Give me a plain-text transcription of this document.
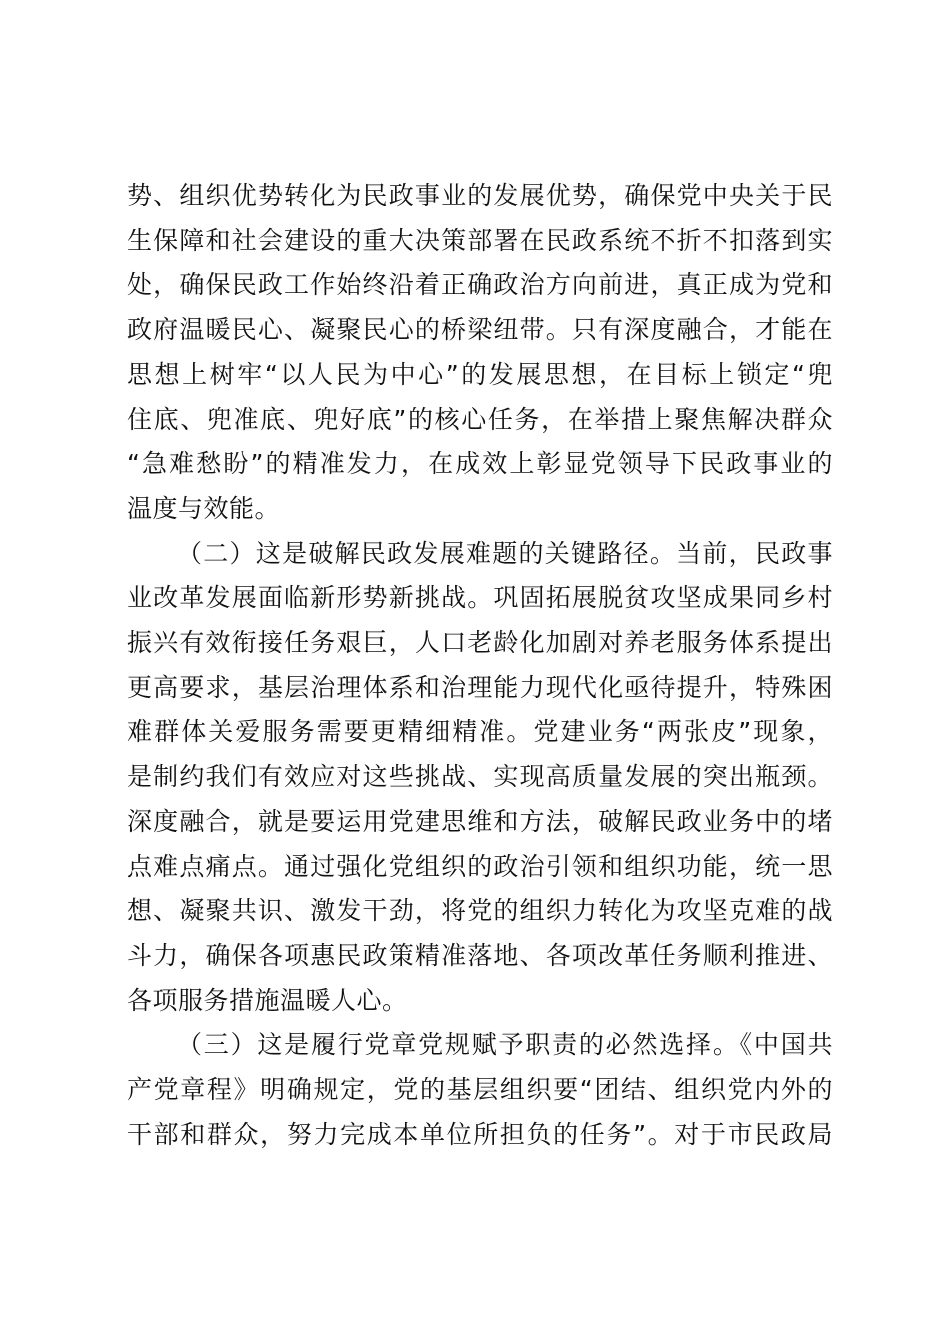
势、组织优势转化为民政事业的发展优势，确保党中央关于民
生保障和社会建设的重大决策部署在民政系统不折不扣落到实
处，确保民政工作始终沿着正确政治方向前进，真正成为党和
政府温暖民心、凝聚民心的桥梁纽带。只有深度融合，才能在
思想上树牢“以人民为中心”的发展思想，在目标上锁定“兜
住底、兜准底、兜好底”的核心任务，在举措上聚焦解决群众
“急难愁盼”的精准发力，在成效上彰显党领导下民政事业的
温度与效能。

（二）这是破解民政发展难题的关键路径。当前，民政事
业改革发展面临新形势新挑战。巩固拓展脱贫攻坚成果同乡村
振兴有效衔接任务艰巨，人口老龄化加剧对养老服务体系提出
更高要求，基层治理体系和治理能力现代化亟待提升，特殊困
难群体关爱服务需要更精细精准。党建业务“两张皮”现象，
是制约我们有效应对这些挑战、实现高质量发展的突出瓶颈。
深度融合，就是要运用党建思维和方法，破解民政业务中的堵
点难点痛点。通过强化党组织的政治引领和组织功能，统一思
想、凝聚共识、激发干劲，将党的组织力转化为攻坚克难的战
斗力，确保各项惠民政策精准落地、各项改革任务顺利推进、
各项服务措施温暖人心。

（三）这是履行党章党规赋予职责的必然选择。《中国共
产党章程》明确规定，党的基层组织要“团结、组织党内外的
干部和群众，努力完成本单位所担负的任务”。对于市民政局
